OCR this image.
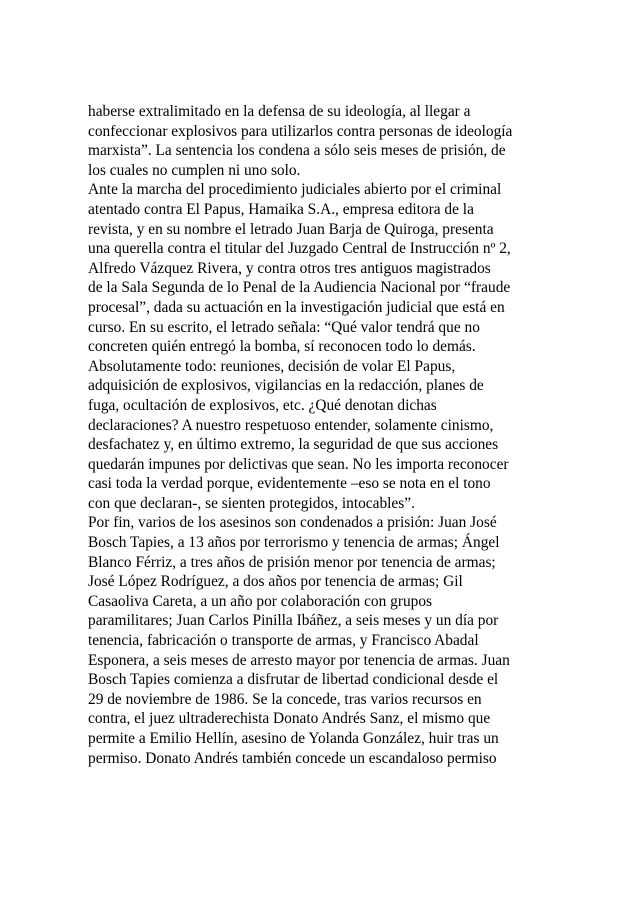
haberse extralimitado en la defensa de su ideología, al llegar a
confeccionar explosivos para utilizarlos contra personas de ideología
marxista”. La sentencia los condena a sólo seis meses de prisión, de
los cuales no cumplen ni uno solo.
Ante la marcha del procedimiento judiciales abierto por el criminal
atentado contra El Papus, Hamaika S.A., empresa editora de la
revista, y en su nombre el letrado Juan Barja de Quiroga, presenta
una querella contra el titular del Juzgado Central de Instrucción nº 2,
Alfredo Vázquez Rivera, y contra otros tres antiguos magistrados
de la Sala Segunda de lo Penal de la Audiencia Nacional por “fraude
procesal”, dada su actuación en la investigación judicial que está en
curso. En su escrito, el letrado señala: “Qué valor tendrá que no
concreten quién entregó la bomba, sí reconocen todo lo demás.
Absolutamente todo: reuniones, decisión de volar El Papus,
adquisición de explosivos, vigilancias en la redacción, planes de
fuga, ocultación de explosivos, etc. ¿Qué denotan dichas
declaraciones? A nuestro respetuoso entender, solamente cinismo,
desfachatez y, en último extremo, la seguridad de que sus acciones
quedarán impunes por delictivas que sean. No les importa reconocer
casi toda la verdad porque, evidentemente –eso se nota en el tono
con que declaran-, se sienten protegidos, intocables”.
Por fin, varios de los asesinos son condenados a prisión: Juan José
Bosch Tapies, a 13 años por terrorismo y tenencia de armas; Ángel
Blanco Férriz, a tres años de prisión menor por tenencia de armas;
José López Rodríguez, a dos años por tenencia de armas; Gil
Casaoliva Careta, a un año por colaboración con grupos
paramilitares; Juan Carlos Pinilla Ibáñez, a seis meses y un día por
tenencia, fabricación o transporte de armas, y Francisco Abadal
Esponera, a seis meses de arresto mayor por tenencia de armas. Juan
Bosch Tapies comienza a disfrutar de libertad condicional desde el
29 de noviembre de 1986. Se la concede, tras varios recursos en
contra, el juez ultraderechista Donato Andrés Sanz, el mismo que
permite a Emilio Hellín, asesino de Yolanda González, huir tras un
permiso. Donato Andrés también concede un escandaloso permiso
